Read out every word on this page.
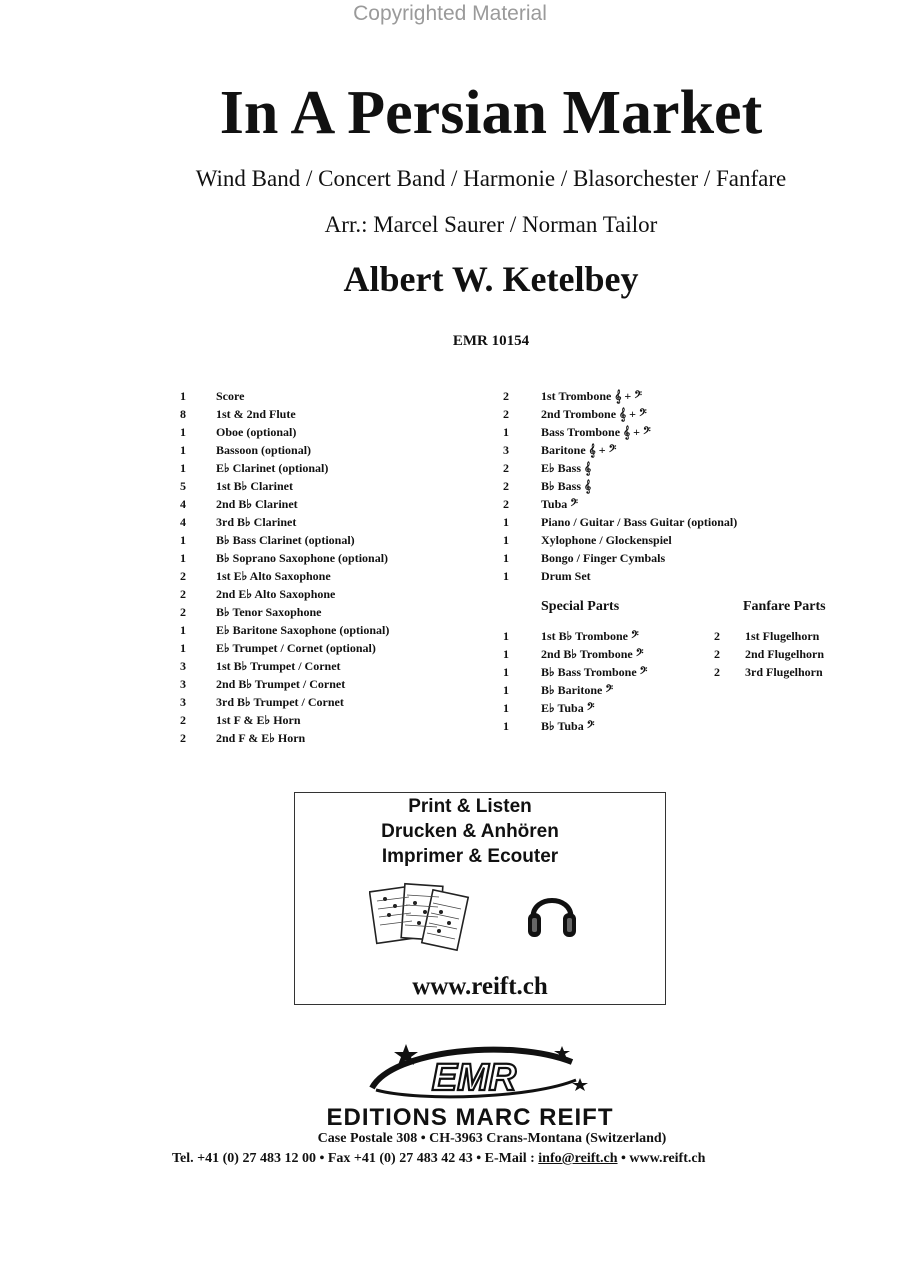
Copyrighted Material
In A Persian Market
Wind Band / Concert Band / Harmonie / Blasorchester / Fanfare
Arr.: Marcel Saurer / Norman Tailor
Albert W. Ketelbey
EMR 10154
1	Score
8	1st & 2nd Flute
1	Oboe (optional)
1	Bassoon (optional)
1	E♭ Clarinet (optional)
5	1st B♭ Clarinet
4	2nd B♭ Clarinet
4	3rd B♭ Clarinet
1	B♭ Bass Clarinet (optional)
1	B♭ Soprano Saxophone (optional)
2	1st E♭ Alto Saxophone
2	2nd E♭ Alto Saxophone
2	B♭ Tenor Saxophone
1	E♭ Baritone Saxophone (optional)
1	E♭ Trumpet / Cornet (optional)
3	1st B♭ Trumpet / Cornet
3	2nd B♭ Trumpet / Cornet
3	3rd B♭ Trumpet / Cornet
2	1st F & E♭ Horn
2	2nd F & E♭ Horn
2	1st Trombone 𝄞 + 𝄢
2	2nd Trombone 𝄞 + 𝄢
1	Bass Trombone 𝄞 + 𝄢
3	Baritone 𝄞 + 𝄢
2	E♭ Bass 𝄞
2	B♭ Bass 𝄞
2	Tuba 𝄢
1	Piano / Guitar / Bass Guitar (optional)
1	Xylophone / Glockenspiel
1	Bongo / Finger Cymbals
1	Drum Set
Special Parts	Fanfare Parts
1	1st B♭ Trombone 𝄢
1	2nd B♭ Trombone 𝄢
1	B♭ Bass Trombone 𝄢
1	B♭ Baritone 𝄢
1	E♭ Tuba 𝄢
1	B♭ Tuba 𝄢
2 1st Flugelhorn
2 2nd Flugelhorn
2 3rd Flugelhorn
Print & Listen
Drucken & Anhören
Imprimer & Ecouter
www.reift.ch
EMR
EDITIONS MARC REIFT
Case Postale 308 • CH-3963 Crans-Montana (Switzerland)
Tel. +41 (0) 27 483 12 00 • Fax +41 (0) 27 483 42 43 • E-Mail : info@reift.ch • www.reift.ch
